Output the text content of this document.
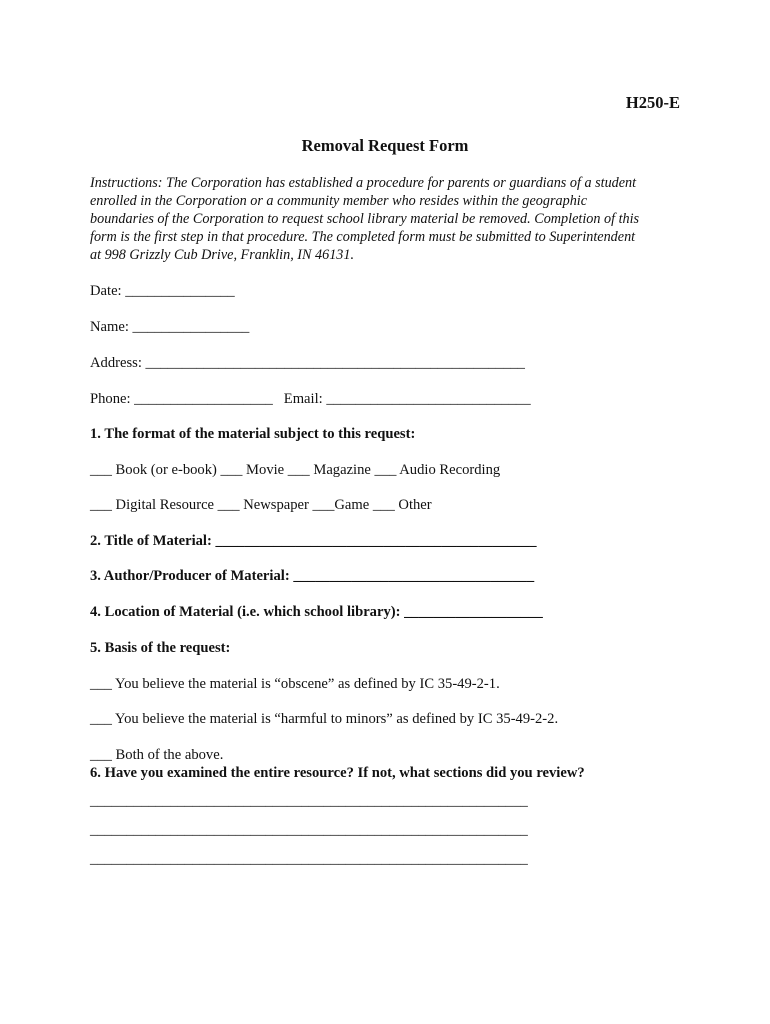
H250-E
Removal Request Form
Instructions: The Corporation has established a procedure for parents or guardians of a student
enrolled in the Corporation or a community member who resides within the geographic
boundaries of the Corporation to request school library material be removed. Completion of this
form is the first step in that procedure. The completed form must be submitted to Superintendent
at 998 Grizzly Cub Drive, Franklin, IN 46131.
Date: _______________
Name: ________________
Address: ____________________________________________________
Phone: ___________________   Email: ____________________________
1. The format of the material subject to this request:
___ Book (or e-book) ___ Movie ___ Magazine ___ Audio Recording
___ Digital Resource ___ Newspaper ___Game ___ Other
2. Title of Material: ____________________________________________
3. Author/Producer of Material: _________________________________
4. Location of Material (i.e. which school library): ___________________
5. Basis of the request:
___ You believe the material is “obscene” as defined by IC 35-49-2-1.
___ You believe the material is “harmful to minors” as defined by IC 35-49-2-2.
___ Both of the above.
6. Have you examined the entire resource? If not, what sections did you review?
____________________________________________________________
____________________________________________________________
____________________________________________________________
